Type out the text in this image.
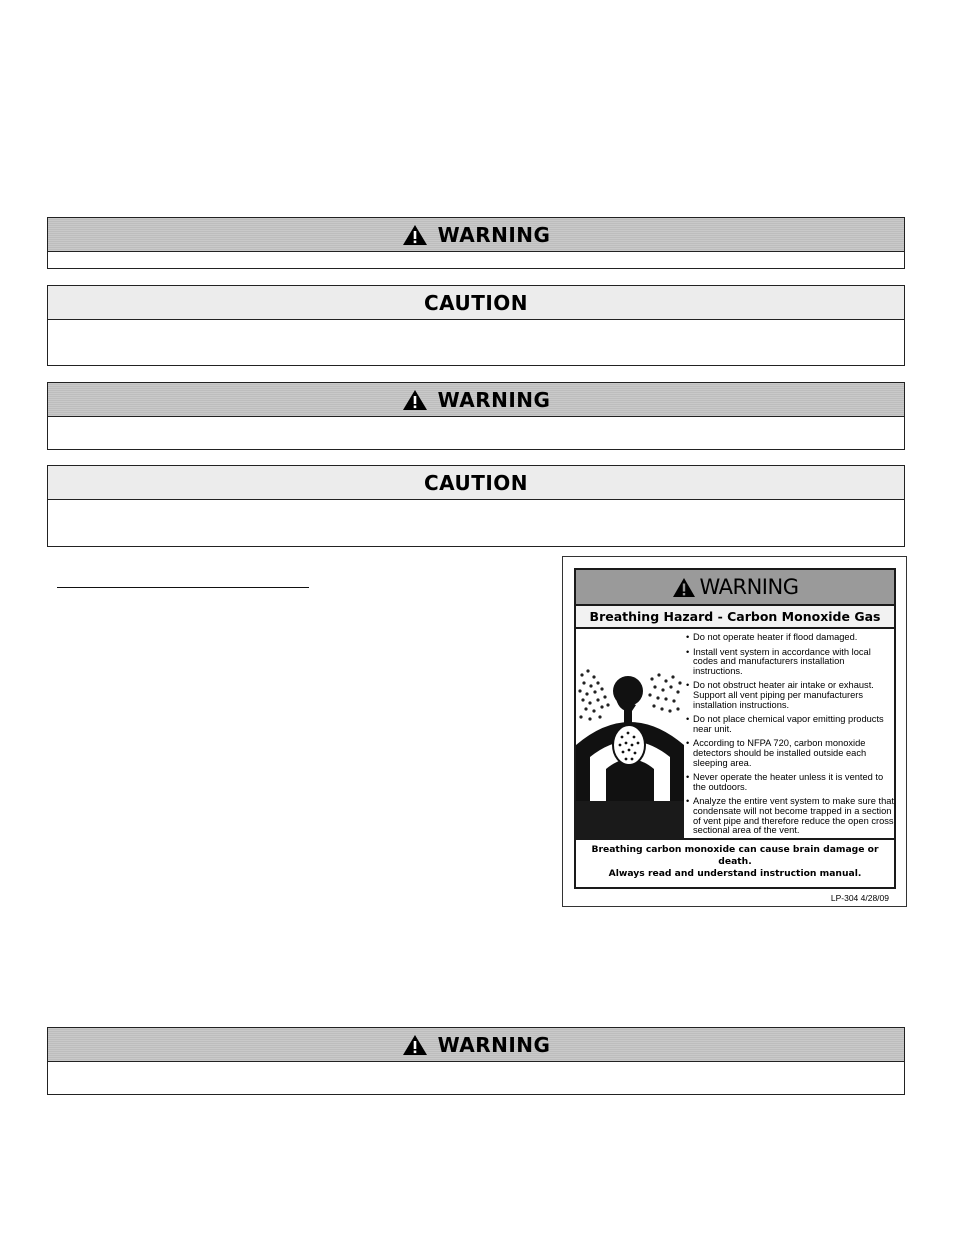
WARNING
CAUTION
WARNING
CAUTION
WARNING
Breathing Hazard - Carbon Monoxide Gas
• Do not operate heater if flood damaged.
• Install vent system in accordance with local codes and manufacturers installation instructions.
• Do not obstruct heater air intake or exhaust. Support all vent piping per manufacturers installation instructions.
• Do not place chemical vapor emitting products near unit.
• According to NFPA 720, carbon monoxide detectors should be installed outside each sleeping area.
• Never operate the heater unless it is vented to the outdoors.
• Analyze the entire vent system to make sure that condensate will not become trapped in a section of vent pipe and therefore reduce the open cross sectional area of the vent.
Breathing carbon monoxide can cause brain damage or death.
Always read and understand instruction manual.
LP-304 4/28/09
WARNING
